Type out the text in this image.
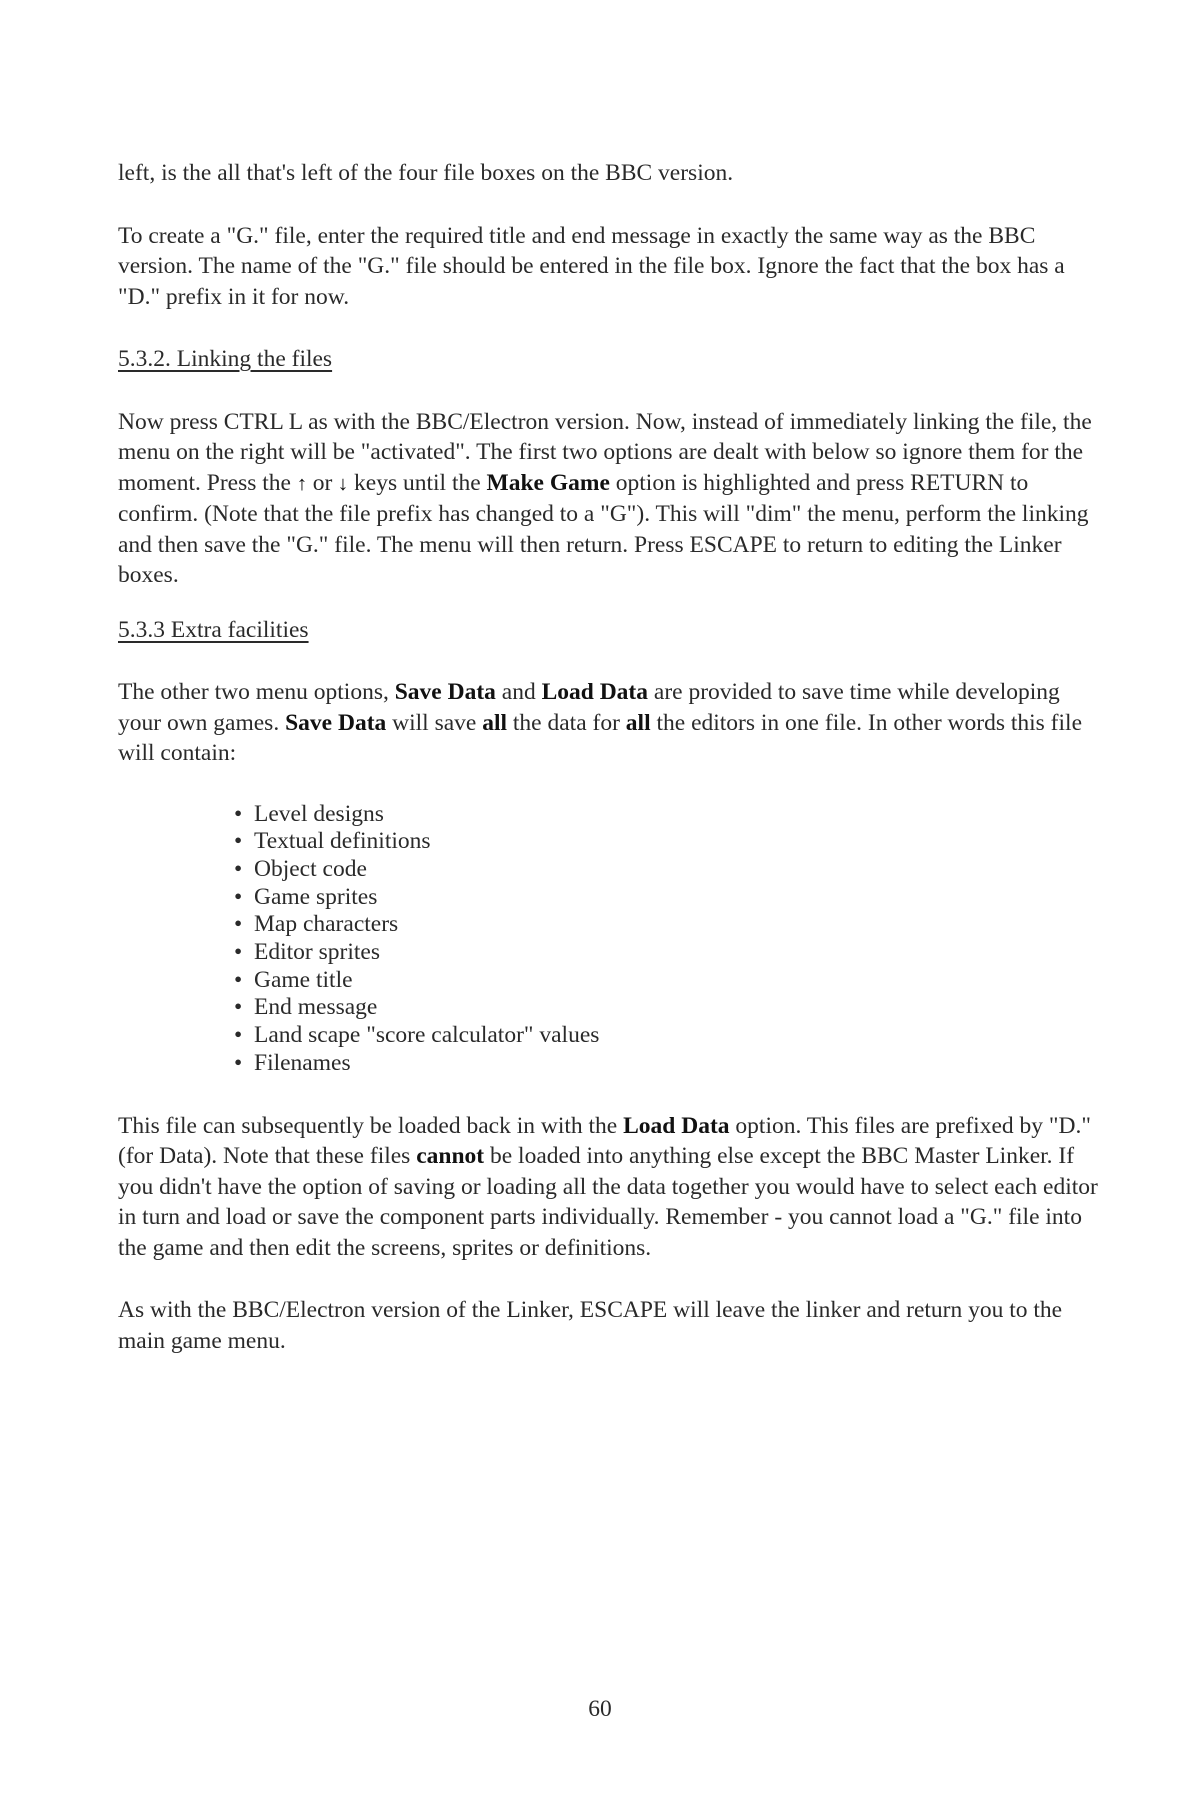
left, is the all that's left of the four file boxes on the BBC version.

To create a "G." file, enter the required title and end message in exactly the same way as the BBC version. The name of the "G." file should be entered in the file box. Ignore the fact that the box has a "D." prefix in it for now.

5.3.2. Linking the files

Now press CTRL L as with the BBC/Electron version. Now, instead of immediately linking the file, the menu on the right will be "activated". The first two options are dealt with below so ignore them for the moment. Press the ↑ or ↓ keys until the Make Game option is highlighted and press RETURN to confirm. (Note that the file prefix has changed to a "G"). This will "dim" the menu, perform the linking and then save the "G." file. The menu will then return. Press ESCAPE to return to editing the Linker boxes.

5.3.3 Extra facilities

The other two menu options, Save Data and Load Data are provided to save time while developing your own games. Save Data will save all the data for all the editors in one file. In other words this file will contain:

• Level designs
• Textual definitions
• Object code
• Game sprites
• Map characters
• Editor sprites
• Game title
• End message
• Land scape "score calculator" values
• Filenames

This file can subsequently be loaded back in with the Load Data option. This files are prefixed by "D." (for Data). Note that these files cannot be loaded into anything else except the BBC Master Linker. If you didn't have the option of saving or loading all the data together you would have to select each editor in turn and load or save the component parts individually. Remember - you cannot load a "G." file into the game and then edit the screens, sprites or definitions.

As with the BBC/Electron version of the Linker, ESCAPE will leave the linker and return you to the main game menu.

60
